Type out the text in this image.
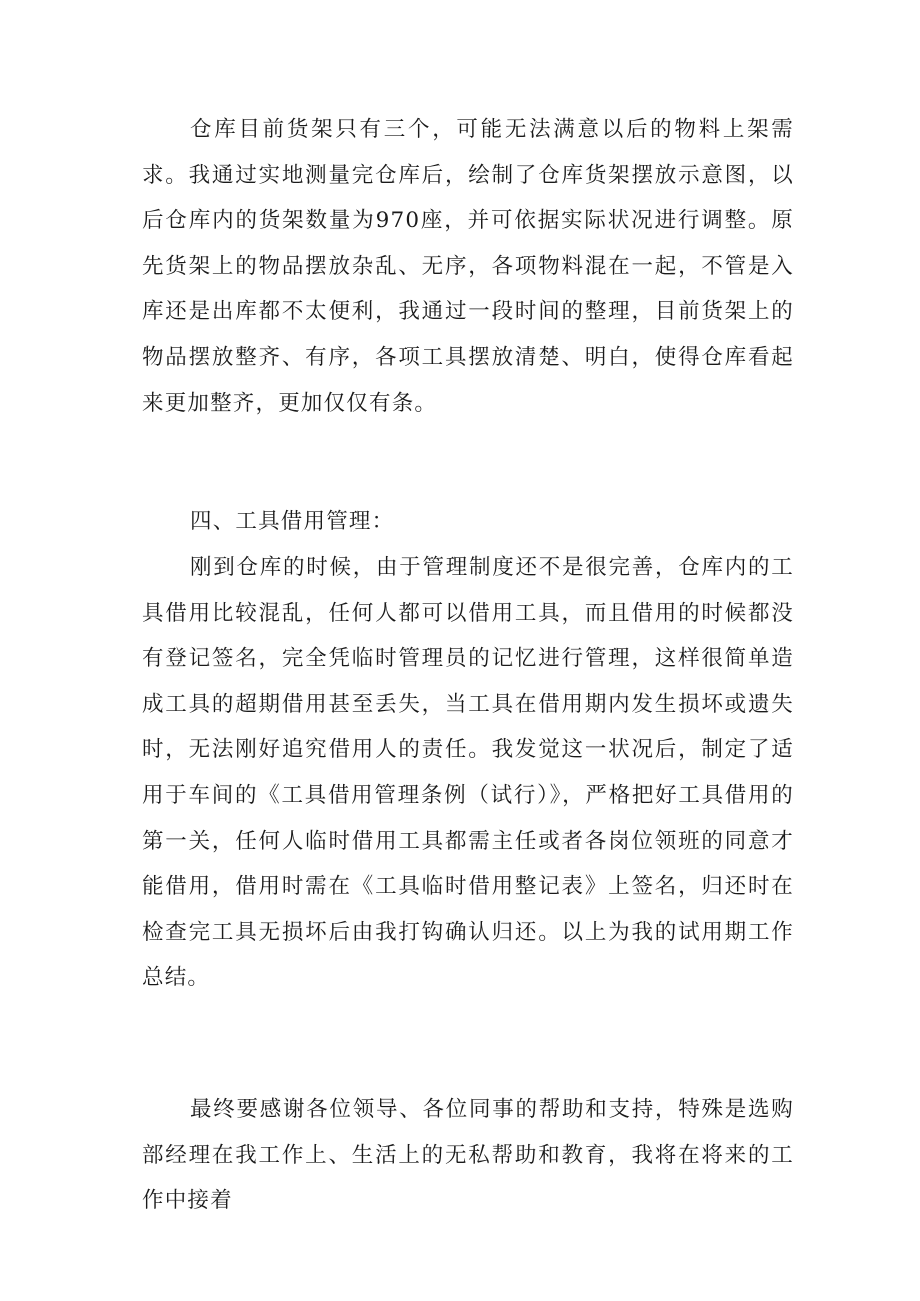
仓库目前货架只有三个，可能无法满意以后的物料上架需求。我通过实地测量完仓库后，绘制了仓库货架摆放示意图，以后仓库内的货架数量为970座，并可依据实际状况进行调整。原先货架上的物品摆放杂乱、无序，各项物料混在一起，不管是入库还是出库都不太便利，我通过一段时间的整理，目前货架上的物品摆放整齐、有序，各项工具摆放清楚、明白，使得仓库看起来更加整齐，更加仅仅有条。

四、工具借用管理：

刚到仓库的时候，由于管理制度还不是很完善，仓库内的工具借用比较混乱，任何人都可以借用工具，而且借用的时候都没有登记签名，完全凭临时管理员的记忆进行管理，这样很简单造成工具的超期借用甚至丢失，当工具在借用期内发生损坏或遗失时，无法刚好追究借用人的责任。我发觉这一状况后，制定了适用于车间的《工具借用管理条例（试行）》，严格把好工具借用的第一关，任何人临时借用工具都需主任或者各岗位领班的同意才能借用，借用时需在《工具临时借用整记表》上签名，归还时在检查完工具无损坏后由我打钩确认归还。以上为我的试用期工作总结。

最终要感谢各位领导、各位同事的帮助和支持，特殊是选购部经理在我工作上、生活上的无私帮助和教育，我将在将来的工作中接着
